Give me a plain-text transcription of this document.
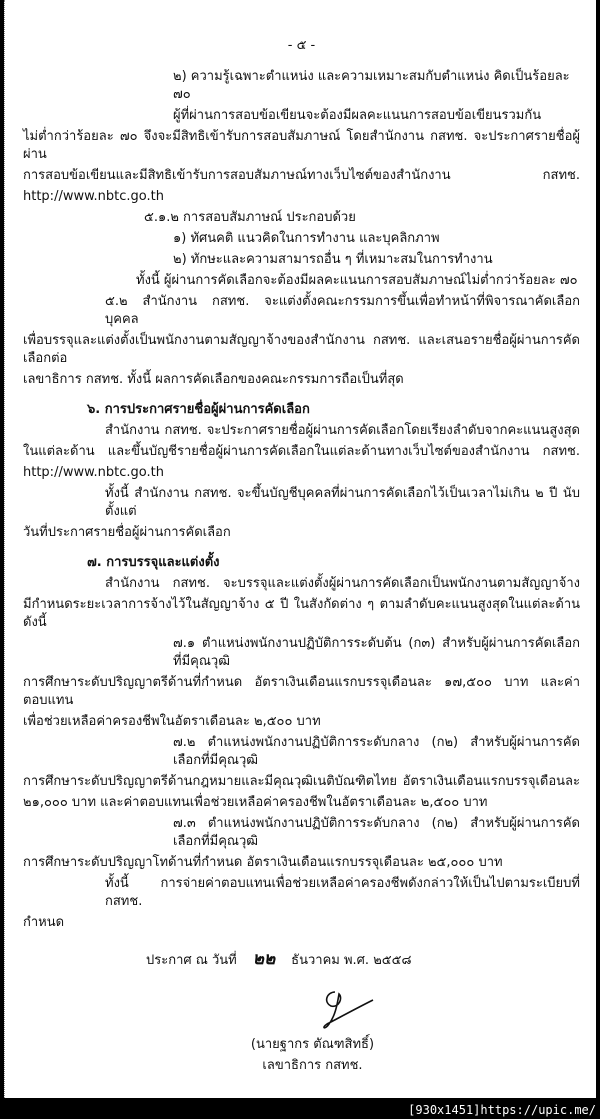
- ๕ -
๒) ความรู้เฉพาะตำแหน่ง และความเหมาะสมกับตำแหน่ง คิดเป็นร้อยละ ๗๐
ผู้ที่ผ่านการสอบข้อเขียนจะต้องมีผลคะแนนการสอบข้อเขียนรวมกัน
ไม่ต่ำกว่าร้อยละ ๗๐ จึงจะมีสิทธิเข้ารับการสอบสัมภาษณ์ โดยสำนักงาน กสทช. จะประกาศรายชื่อผู้ผ่าน
การสอบข้อเขียนและมีสิทธิเข้ารับการสอบสัมภาษณ์ทางเว็บไซต์ของสำนักงาน กสทช.
http://www.nbtc.go.th
๕.๑.๒ การสอบสัมภาษณ์ ประกอบด้วย
๑) ทัศนคติ แนวคิดในการทำงาน และบุคลิกภาพ
๒) ทักษะและความสามารถอื่น ๆ ที่เหมาะสมในการทำงาน
ทั้งนี้ ผู้ผ่านการคัดเลือกจะต้องมีผลคะแนนการสอบสัมภาษณ์ไม่ต่ำกว่าร้อยละ ๗๐
๕.๒ สำนักงาน กสทช. จะแต่งตั้งคณะกรรมการขึ้นเพื่อทำหน้าที่พิจารณาคัดเลือกบุคคล
เพื่อบรรจุและแต่งตั้งเป็นพนักงานตามสัญญาจ้างของสำนักงาน กสทช. และเสนอรายชื่อผู้ผ่านการคัดเลือกต่อ
เลขาธิการ กสทช. ทั้งนี้ ผลการคัดเลือกของคณะกรรมการถือเป็นที่สุด
๖. การประกาศรายชื่อผู้ผ่านการคัดเลือก
สำนักงาน กสทช. จะประกาศรายชื่อผู้ผ่านการคัดเลือกโดยเรียงลำดับจากคะแนนสูงสุด
ในแต่ละด้าน และขึ้นบัญชีรายชื่อผู้ผ่านการคัดเลือกในแต่ละด้านทางเว็บไซต์ของสำนักงาน กสทช.
http://www.nbtc.go.th
ทั้งนี้ สำนักงาน กสทช. จะขึ้นบัญชีบุคคลที่ผ่านการคัดเลือกไว้เป็นเวลาไม่เกิน ๒ ปี นับตั้งแต่
วันที่ประกาศรายชื่อผู้ผ่านการคัดเลือก
๗. การบรรจุและแต่งตั้ง
สำนักงาน กสทช. จะบรรจุและแต่งตั้งผู้ผ่านการคัดเลือกเป็นพนักงานตามสัญญาจ้าง
มีกำหนดระยะเวลาการจ้างไว้ในสัญญาจ้าง ๕ ปี ในสังกัดต่าง ๆ ตามลำดับคะแนนสูงสุดในแต่ละด้าน ดังนี้
๗.๑ ตำแหน่งพนักงานปฏิบัติการระดับต้น (ก๓) สำหรับผู้ผ่านการคัดเลือกที่มีคุณวุฒิ
การศึกษาระดับปริญญาตรีด้านที่กำหนด อัตราเงินเดือนแรกบรรจุเดือนละ ๑๗,๕๐๐ บาท และค่าตอบแทน
เพื่อช่วยเหลือค่าครองชีพในอัตราเดือนละ ๒,๕๐๐ บาท
๗.๒ ตำแหน่งพนักงานปฏิบัติการระดับกลาง (ก๒) สำหรับผู้ผ่านการคัดเลือกที่มีคุณวุฒิ
การศึกษาระดับปริญญาตรีด้านกฎหมายและมีคุณวุฒิเนติบัณฑิตไทย อัตราเงินเดือนแรกบรรจุเดือนละ
๒๑,๐๐๐ บาท และค่าตอบแทนเพื่อช่วยเหลือค่าครองชีพในอัตราเดือนละ ๒,๕๐๐ บาท
๗.๓ ตำแหน่งพนักงานปฏิบัติการระดับกลาง (ก๒) สำหรับผู้ผ่านการคัดเลือกที่มีคุณวุฒิ
การศึกษาระดับปริญญาโทด้านที่กำหนด อัตราเงินเดือนแรกบรรจุเดือนละ ๒๕,๐๐๐ บาท
ทั้งนี้ การจ่ายค่าตอบแทนเพื่อช่วยเหลือค่าครองชีพดังกล่าวให้เป็นไปตามระเบียบที่ กสทช.
กำหนด
ประกาศ ณ วันที่ ๒๒ ธันวาคม พ.ศ. ๒๕๕๘
(นายฐากร ตัณฑสิทธิ์)
เลขาธิการ กสทช.
[930x1451]https://upic.me/
